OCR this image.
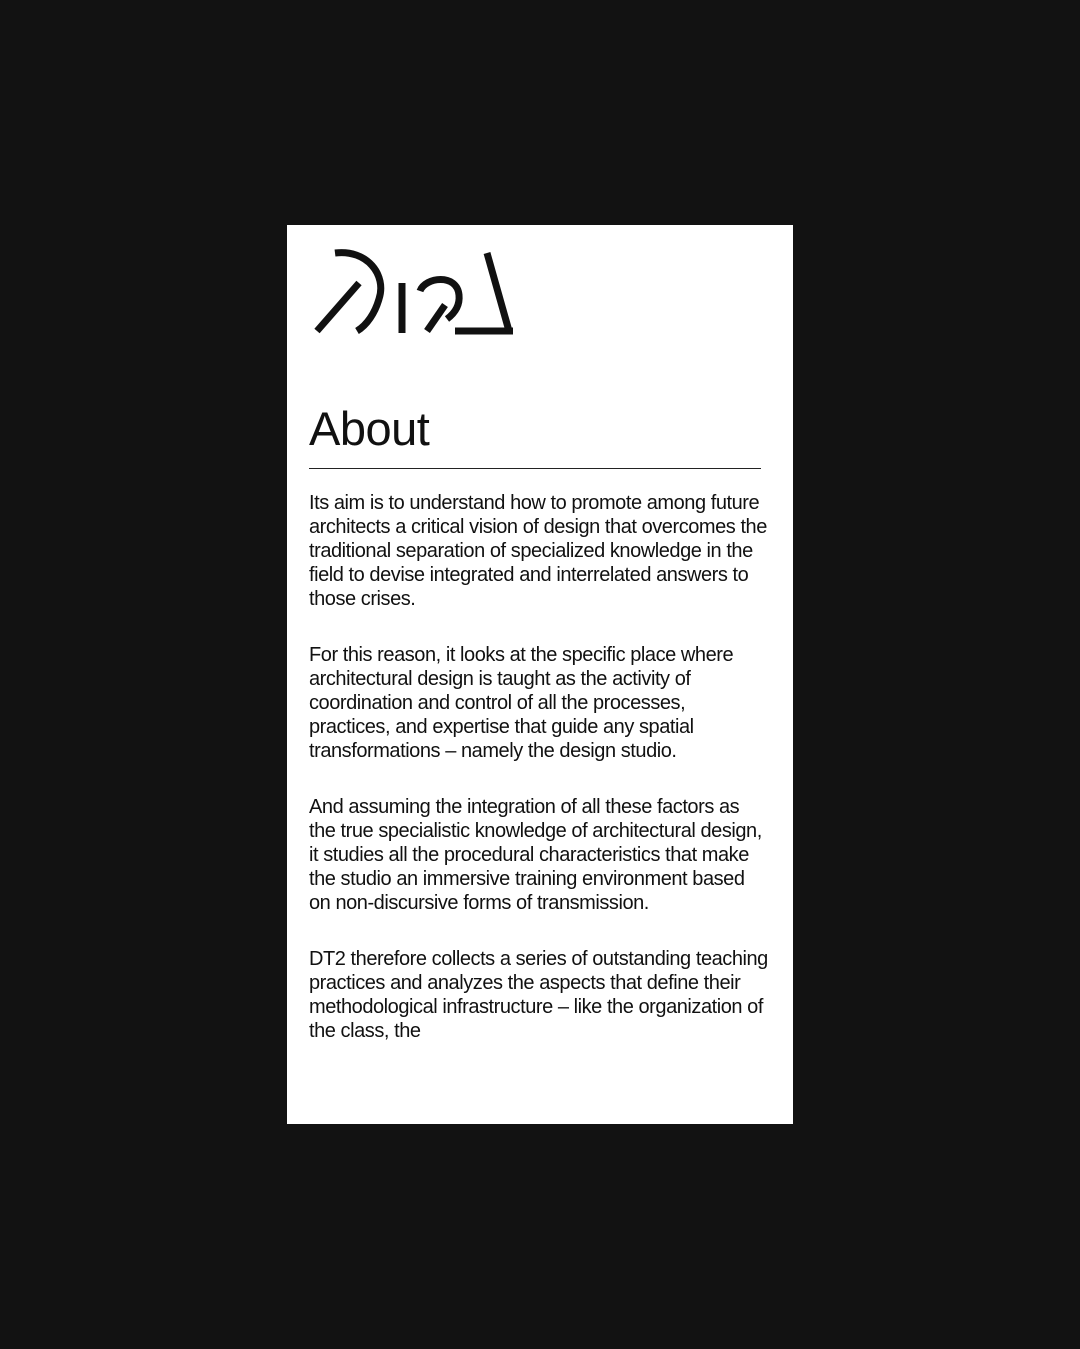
About

Its aim is to understand how to promote among future architects a critical vision of design that overcomes the traditional separation of specialized knowledge in the field to devise integrated and interrelated answers to those crises.

For this reason, it looks at the specific place where architectural design is taught as the activity of coordination and control of all the processes, practices, and expertise that guide any spatial transformations – namely the design studio.

And assuming the integration of all these factors as the true specialistic knowledge of architectural design, it studies all the procedural characteristics that make the studio an immersive training environment based on non-discursive forms of transmission.

DT2 therefore collects a series of outstanding teaching practices and analyzes the aspects that define their methodological infrastructure – like the organization of the class, the
